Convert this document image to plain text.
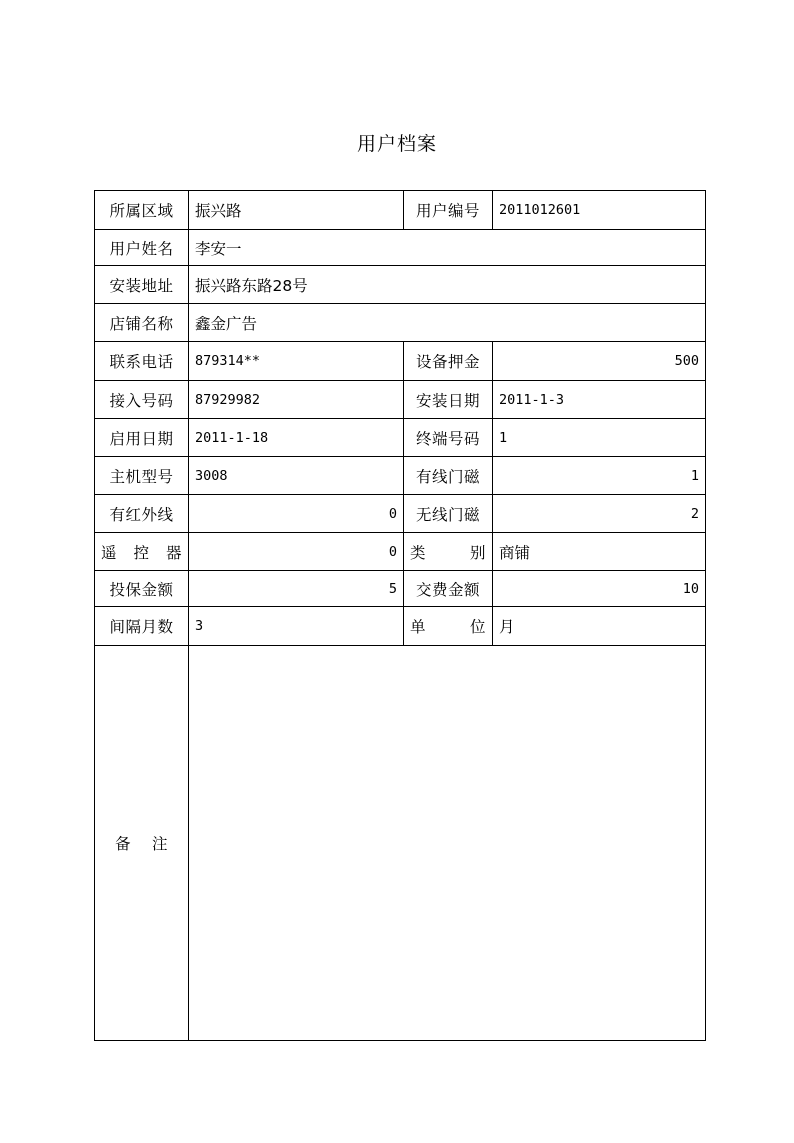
用户档案
所属区域	振兴路	用户编号	2011012601
用户姓名	李安一		
安装地址	振兴路东路28号		
店铺名称	鑫金广告		
联系电话	879314**	设备押金	500
接入号码	87929982	安装日期	2011-1-3
启用日期	2011-1-18	终端号码	1
主机型号	3008	有线门磁	1
有红外线	0	无线门磁	2
遥控器	0	类别	商铺
投保金额	5	交费金额	10
间隔月数	3	单位	月
备注			
